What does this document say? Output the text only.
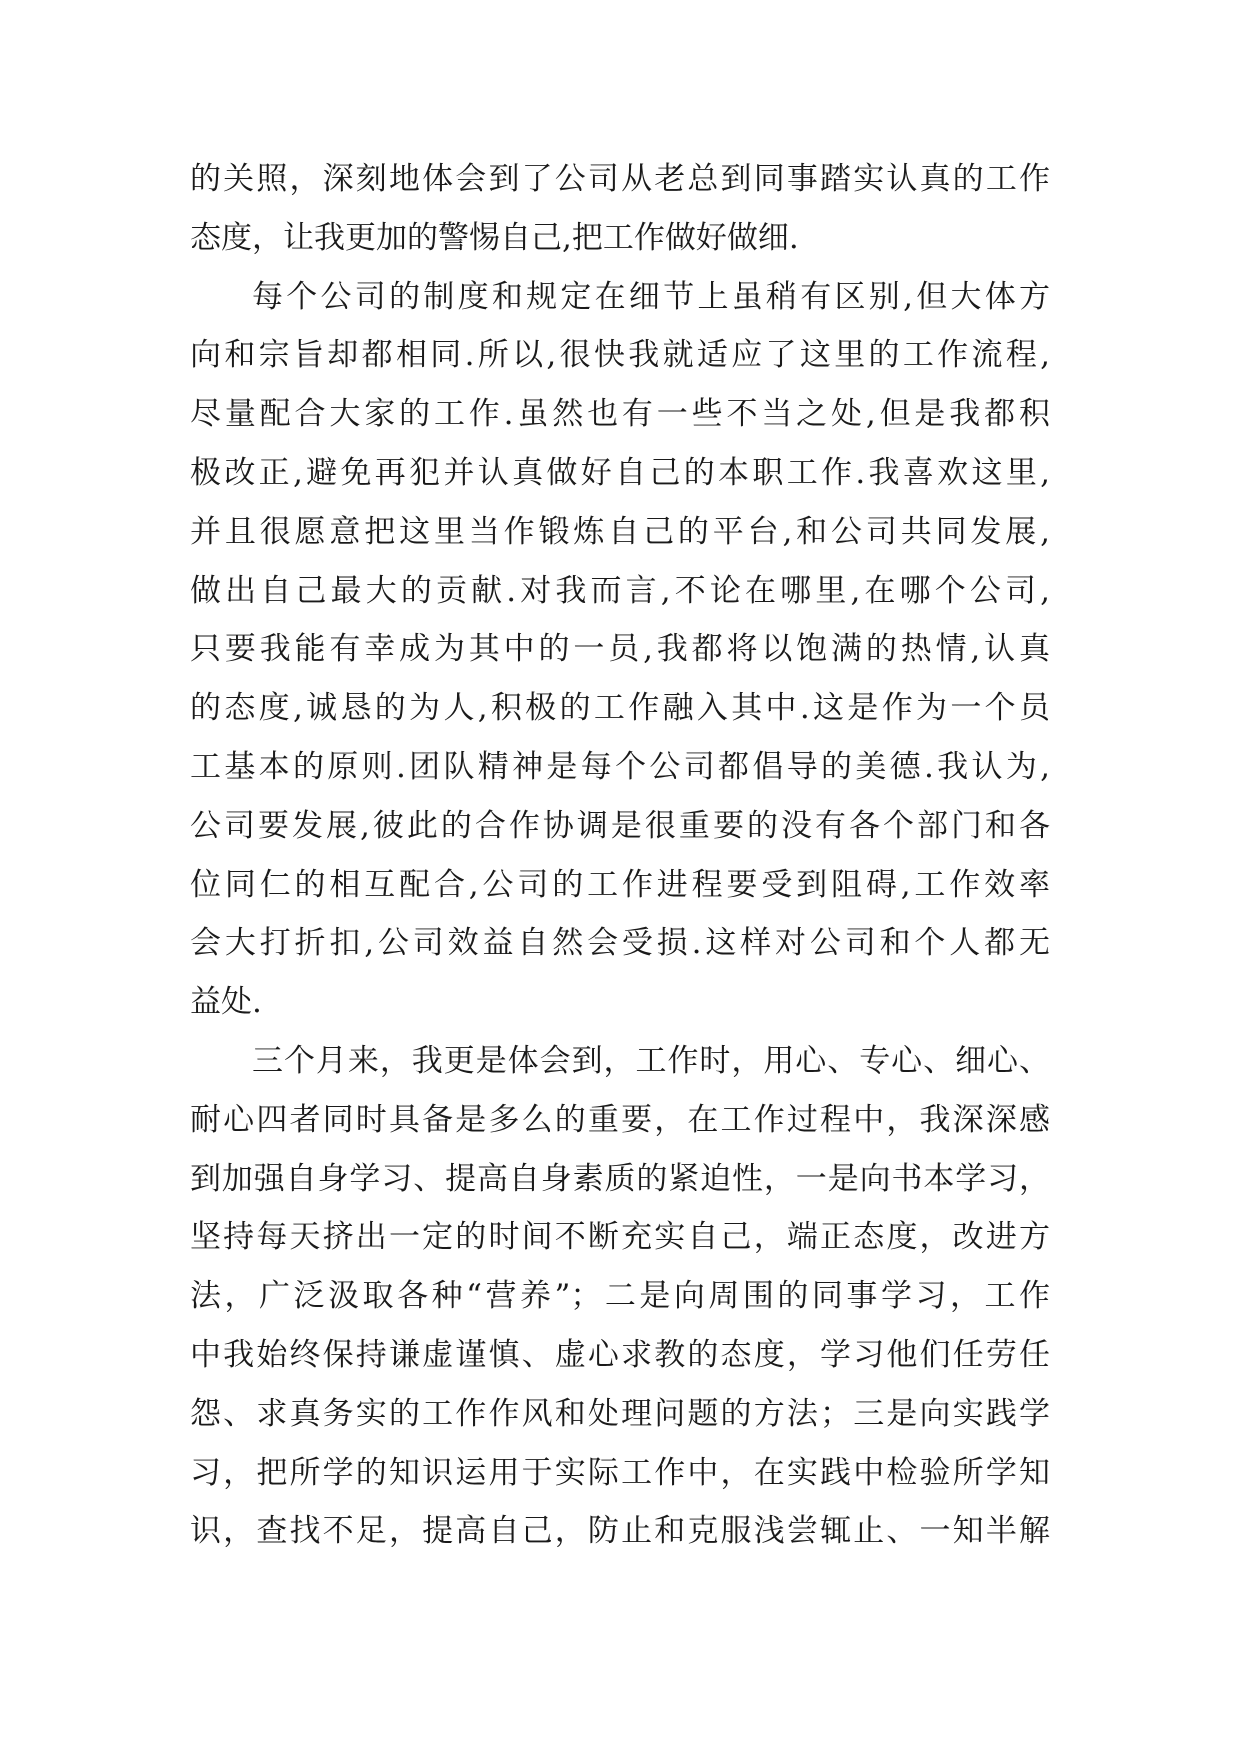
的关照，深刻地体会到了公司从老总到同事踏实认真的工作
态度，让我更加的警惕自己,把工作做好做细.
每个公司的制度和规定在细节上虽稍有区别,但大体方
向和宗旨却都相同.所以,很快我就适应了这里的工作流程,
尽量配合大家的工作.虽然也有一些不当之处,但是我都积
极改正,避免再犯并认真做好自己的本职工作.我喜欢这里,
并且很愿意把这里当作锻炼自己的平台,和公司共同发展,
做出自己最大的贡献.对我而言,不论在哪里,在哪个公司,
只要我能有幸成为其中的一员,我都将以饱满的热情,认真
的态度,诚恳的为人,积极的工作融入其中.这是作为一个员
工基本的原则.团队精神是每个公司都倡导的美德.我认为,
公司要发展,彼此的合作协调是很重要的没有各个部门和各
位同仁的相互配合,公司的工作进程要受到阻碍,工作效率
会大打折扣,公司效益自然会受损.这样对公司和个人都无
益处.
三个月来，我更是体会到，工作时，用心、专心、细心、
耐心四者同时具备是多么的重要，在工作过程中，我深深感
到加强自身学习、提高自身素质的紧迫性，一是向书本学习，
坚持每天挤出一定的时间不断充实自己，端正态度，改进方
法，广泛汲取各种“营养”；二是向周围的同事学习，工作
中我始终保持谦虚谨慎、虚心求教的态度，学习他们任劳任
怨、求真务实的工作作风和处理问题的方法；三是向实践学
习，把所学的知识运用于实际工作中，在实践中检验所学知
识，查找不足，提高自己，防止和克服浅尝辄止、一知半解
